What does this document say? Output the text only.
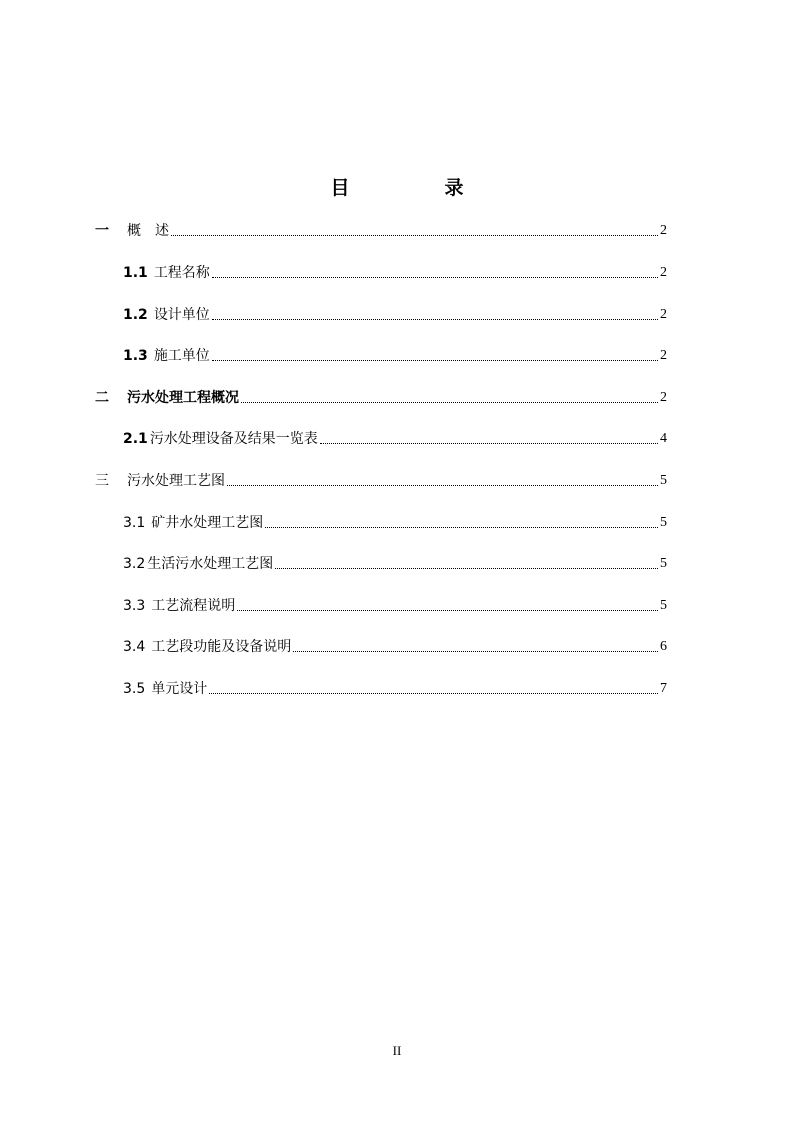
目　录
一 概　述	2
1.1 工程名称	2
1.2 设计单位	2
1.3 施工单位	2
二 污水处理工程概况	2
2.1 污水处理设备及结果一览表	4
三 污水处理工艺图	5
3.1 矿井水处理工艺图	5
3.2 生活污水处理工艺图	5
3.3 工艺流程说明	5
3.4 工艺段功能及设备说明	6
3.5 单元设计	7
II
